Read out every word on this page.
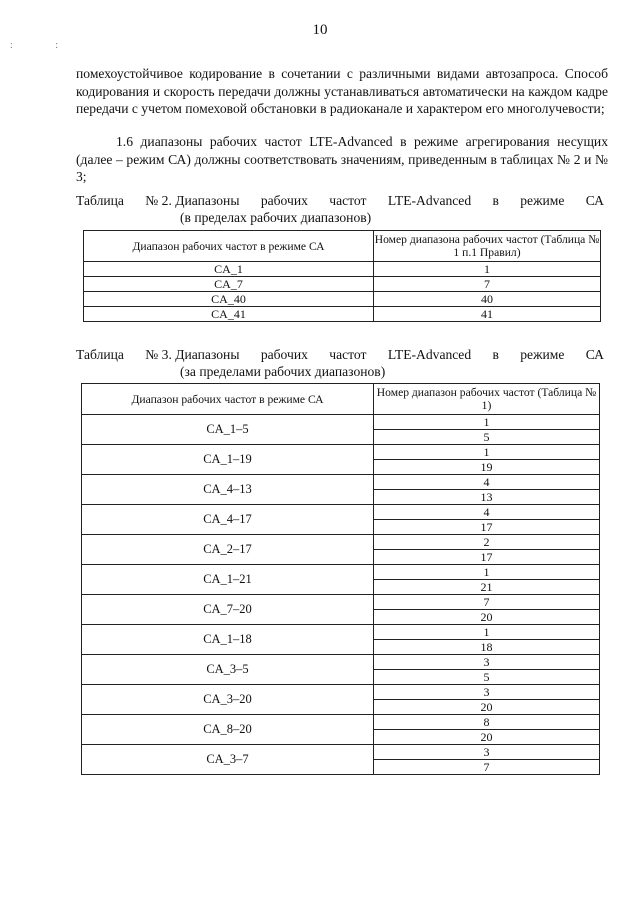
10
: :
помехоустойчивое кодирование в сочетании с различными видами автозапроса. Способ кодирования и скорость передачи должны устанавливаться автоматически на каждом кадре передачи с учетом помеховой обстановки в радиоканале и характером его многолучевости;
1.6 диапазоны рабочих частот LTE-Advanced в режиме агрегирования несущих (далее – режим СА) должны соответствовать значениям, приведенным в таблицах № 2 и № 3;
Таблица № 2. Диапазоны рабочих частот LTE-Advanced в режиме СА
(в пределах рабочих диапазонов)
Диапазон рабочих частот в режиме СА	Номер диапазона рабочих частот (Таблица № 1 п.1 Правил)
CA_1	1
CA_7	7
CA_40	40
CA_41	41
Таблица № 3. Диапазоны рабочих частот LTE-Advanced в режиме СА
(за пределами рабочих диапазонов)
Диапазон рабочих частот в режиме СА	Номер диапазон рабочих частот (Таблица № 1)
CA_1–5	1
	5
CA_1–19	1
	19
CA_4–13	4
	13
CA_4–17	4
	17
CA_2–17	2
	17
CA_1–21	1
	21
CA_7–20	7
	20
CA_1–18	1
	18
CA_3–5	3
	5
CA_3–20	3
	20
CA_8–20	8
	20
CA_3–7	3
	7
